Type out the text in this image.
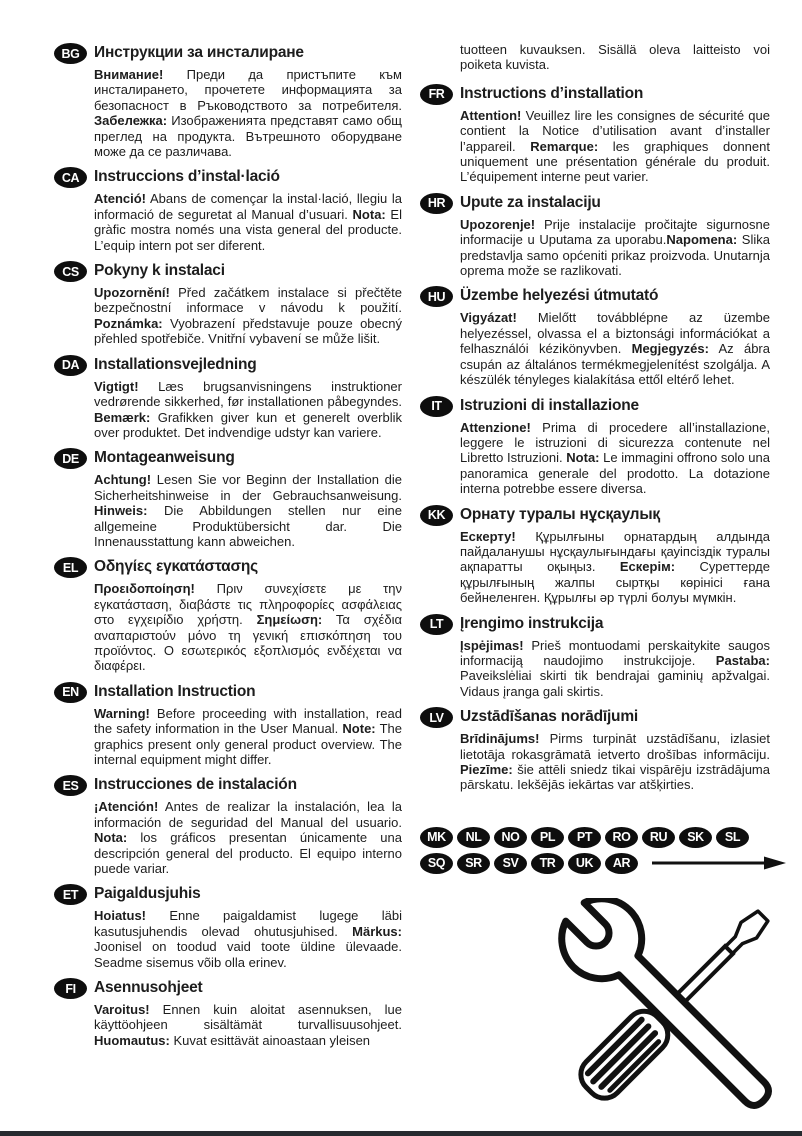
BG Инструкции за инсталиране

Внимание! Преди да пристъпите към инсталирането, прочетете информацията за безопасност в Ръководството за потребителя. Забележка: Изображенията представят само общ преглед на продукта. Вътрешното оборудване може да се различава.

CA Instruccions d’instal·lació

Atenció! Abans de començar la instal·lació, llegiu la informació de seguretat al Manual d’usuari. Nota: El gràfic mostra només una vista general del producte. L’equip intern pot ser diferent.

CS Pokyny k instalaci

Upozornění! Před začátkem instalace si přečtěte bezpečnostní informace v návodu k použití. Poznámka: Vyobrazení představuje pouze obecný přehled spotřebiče. Vnitřní vybavení se může lišit.

DA Installationsvejledning

Vigtigt! Læs brugsanvisningens instruktioner vedrørende sikkerhed, før installationen påbegyndes. Bemærk: Grafikken giver kun et generelt overblik over produktet. Det indvendige udstyr kan variere.

DE Montageanweisung

Achtung! Lesen Sie vor Beginn der Installation die Sicherheitshinweise in der Gebrauchsanweisung. Hinweis: Die Abbildungen stellen nur eine allgemeine Produktübersicht dar. Die Innenausstattung kann abweichen.

EL	Οδηγίες εγκατάστασης

Προειδοποίηση! Πριν συνεχίσετε με την εγκατάσταση, διαβάστε τις πληροφορίες ασφάλειας στο εγχειρίδιο χρήστη. Σημείωση: Τα σχέδια αναπαριστούν μόνο τη γενική επισκόπηση του προϊόντος. Ο εσωτερικός εξοπλισμός ενδέχεται να διαφέρει.

EN Installation Instruction

Warning! Before proceeding with installation, read the safety information in the User Manual. Note: The graphics present only general product overview. The internal equipment might differ.

ES	Instrucciones de instalación

¡Atención! Antes de realizar la instalación, lea la información de seguridad del Manual del usuario. Nota: los gráficos presentan únicamente una descripción general del producto. El equipo interno puede variar.

ET	Paigaldusjuhis

Hoiatus! Enne paigaldamist lugege läbi kasutusjuhendis olevad ohutusjuhised. Märkus: Joonisel on toodud vaid toote üldine ülevaade. Seadme sisemus võib olla erinev.

FI	Asennusohjeet

Varoitus! Ennen kuin aloitat asennuksen, lue käyttöohjeen sisältämät turvallisuusohjeet. Huomautus: Kuvat esittävät ainoastaan yleisen

tuotteen kuvauksen. Sisällä oleva laitteisto voi poiketa kuvista.

FR	Instructions d’installation

Attention! Veuillez lire les consignes de sécurité que contient la Notice d’utilisation avant d’installer l’appareil. Remarque: les graphiques donnent uniquement une présentation générale du produit. L’équipement interne peut varier.

HR Upute za instalaciju

Upozorenje! Prije instalacije pročitajte sigurnosne informacije u Uputama za uporabu.Napomena: Slika predstavlja samo općeniti prikaz proizvoda. Unutarnja oprema može se razlikovati.

HU Üzembe helyezési útmutató

Vigyázat! Mielőtt továbblépne az üzembe helyezéssel, olvassa el a biztonsági információkat a felhasználói kézikönyvben. Megjegyzés: Az ábra csupán az általános termékmegjelenítést szolgálja. A készülék tényleges kialakítása ettől eltérő lehet.

IT	Istruzioni di installazione

Attenzione! Prima di procedere all’installazione, leggere le istruzioni di sicurezza contenute nel Libretto Istruzioni. Nota: Le immagini offrono solo una panoramica generale del prodotto. La dotazione interna potrebbe essere diversa.

KK Орнату туралы нұсқаулық

Ескерту! Құрылғыны орнатардың алдында пайдаланушы нұсқаулығындағы қауіпсіздік туралы ақпаратты оқыңыз. Ескерім: Суреттерде құрылғының жалпы сыртқы көрінісі ғана бейнеленген. Құрылғы әр түрлі болуы мүмкін.

LT	Įrengimo instrukcija

Įspėjimas! Prieš montuodami perskaitykite saugos informaciją naudojimo instrukcijoje. Pastaba: Paveikslėliai skirti tik bendrajai gaminių apžvalgai. Vidaus įranga gali skirtis.

LV	Uzstādīšanas norādījumi

Brīdinājums! Pirms turpināt uzstādīšanu, izlasiet lietotāja rokasgrāmatā ietverto drošības informāciju. Piezīme: šie attēli sniedz tikai vispārēju izstrādājuma pārskatu. Iekšējās iekārtas var atšķirties.

MK	NL	NO	PL	PT	RO	RU	SK	SL
SQ	SR	SV	TR	UK	AR
